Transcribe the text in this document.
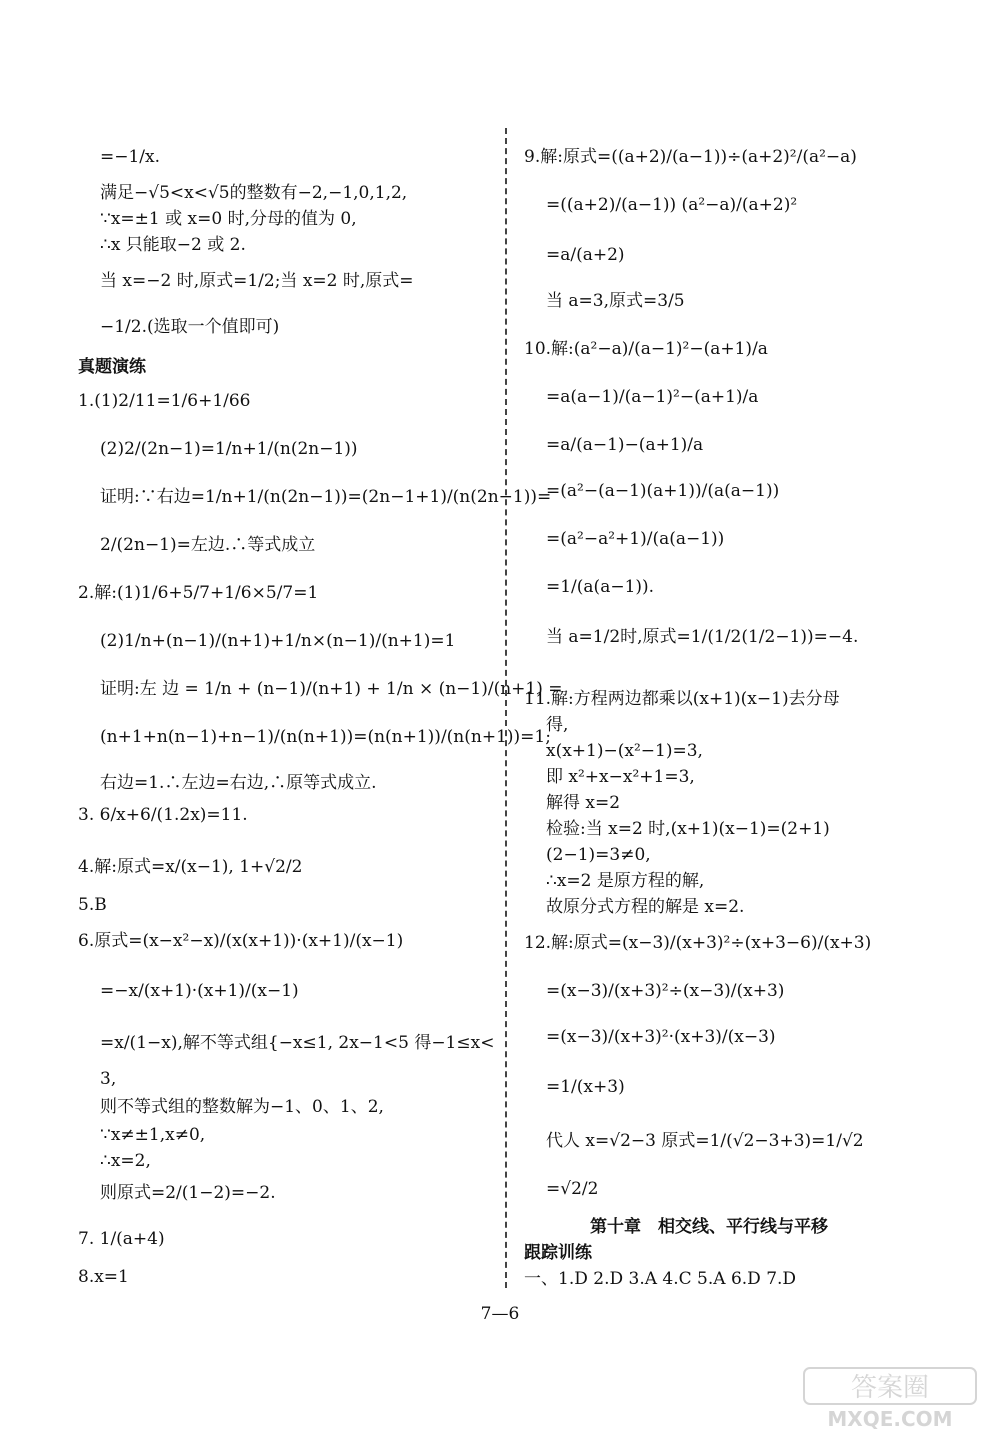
=−1/x.
满足−√5<x<√5的整数有−2,−1,0,1,2,
∵x=±1 或 x=0 时,分母的值为 0,
∴x 只能取−2 或 2.
当 x=−2 时,原式=1/2;当 x=2 时,原式=
−1/2.(选取一个值即可)
真题演练
1.(1)2/11=1/6+1/66
(2)2/(2n−1)=1/n+1/(n(2n−1))
证明:∵右边=1/n+1/(n(2n−1))=(2n−1+1)/(n(2n−1))=
2/(2n−1)=左边.∴等式成立
2.解:(1)1/6+5/7+1/6×5/7=1
(2)1/n+(n−1)/(n+1)+1/n×(n−1)/(n+1)=1
证明:左 边 = 1/n + (n−1)/(n+1) + 1/n × (n−1)/(n+1) =
(n+1+n(n−1)+n−1)/(n(n+1))=(n(n+1))/(n(n+1))=1;
右边=1.∴左边=右边,∴原等式成立.
3. 6/x+6/(1.2x)=11.
4.解:原式=x/(x−1), 1+√2/2
5.B
6.原式=(x−x²−x)/(x(x+1))·(x+1)/(x−1)
=−x/(x+1)·(x+1)/(x−1)
=x/(1−x),解不等式组{−x≤1, 2x−1<5 得−1≤x<
3,
则不等式组的整数解为−1、0、1、2,
∵x≠±1,x≠0,
∴x=2,
则原式=2/(1−2)=−2.
7. 1/(a+4)
8.x=1
9.解:原式=((a+2)/(a−1))÷(a+2)²/(a²−a)
=((a+2)/(a−1)) (a²−a)/(a+2)²
=a/(a+2)
当 a=3,原式=3/5
10.解:(a²−a)/(a−1)²−(a+1)/a
=a(a−1)/(a−1)²−(a+1)/a
=a/(a−1)−(a+1)/a
=(a²−(a−1)(a+1))/(a(a−1))
=(a²−a²+1)/(a(a−1))
=1/(a(a−1)).
当 a=1/2时,原式=1/(1/2(1/2−1))=−4.
11.解:方程两边都乘以(x+1)(x−1)去分母
得,
x(x+1)−(x²−1)=3,
即 x²+x−x²+1=3,
解得 x=2
检验:当 x=2 时,(x+1)(x−1)=(2+1)
(2−1)=3≠0,
∴x=2 是原方程的解,
故原分式方程的解是 x=2.
12.解:原式=(x−3)/(x+3)²÷(x+3−6)/(x+3)
=(x−3)/(x+3)²÷(x−3)/(x+3)
=(x−3)/(x+3)²·(x+3)/(x−3)
=1/(x+3)
代人 x=√2−3 原式=1/(√2−3+3)=1/√2
=√2/2
第十章　相交线、平行线与平移
跟踪训练
一、1.D 2.D 3.A 4.C 5.A 6.D 7.D
7—6
答案圈
MXQE.COM
